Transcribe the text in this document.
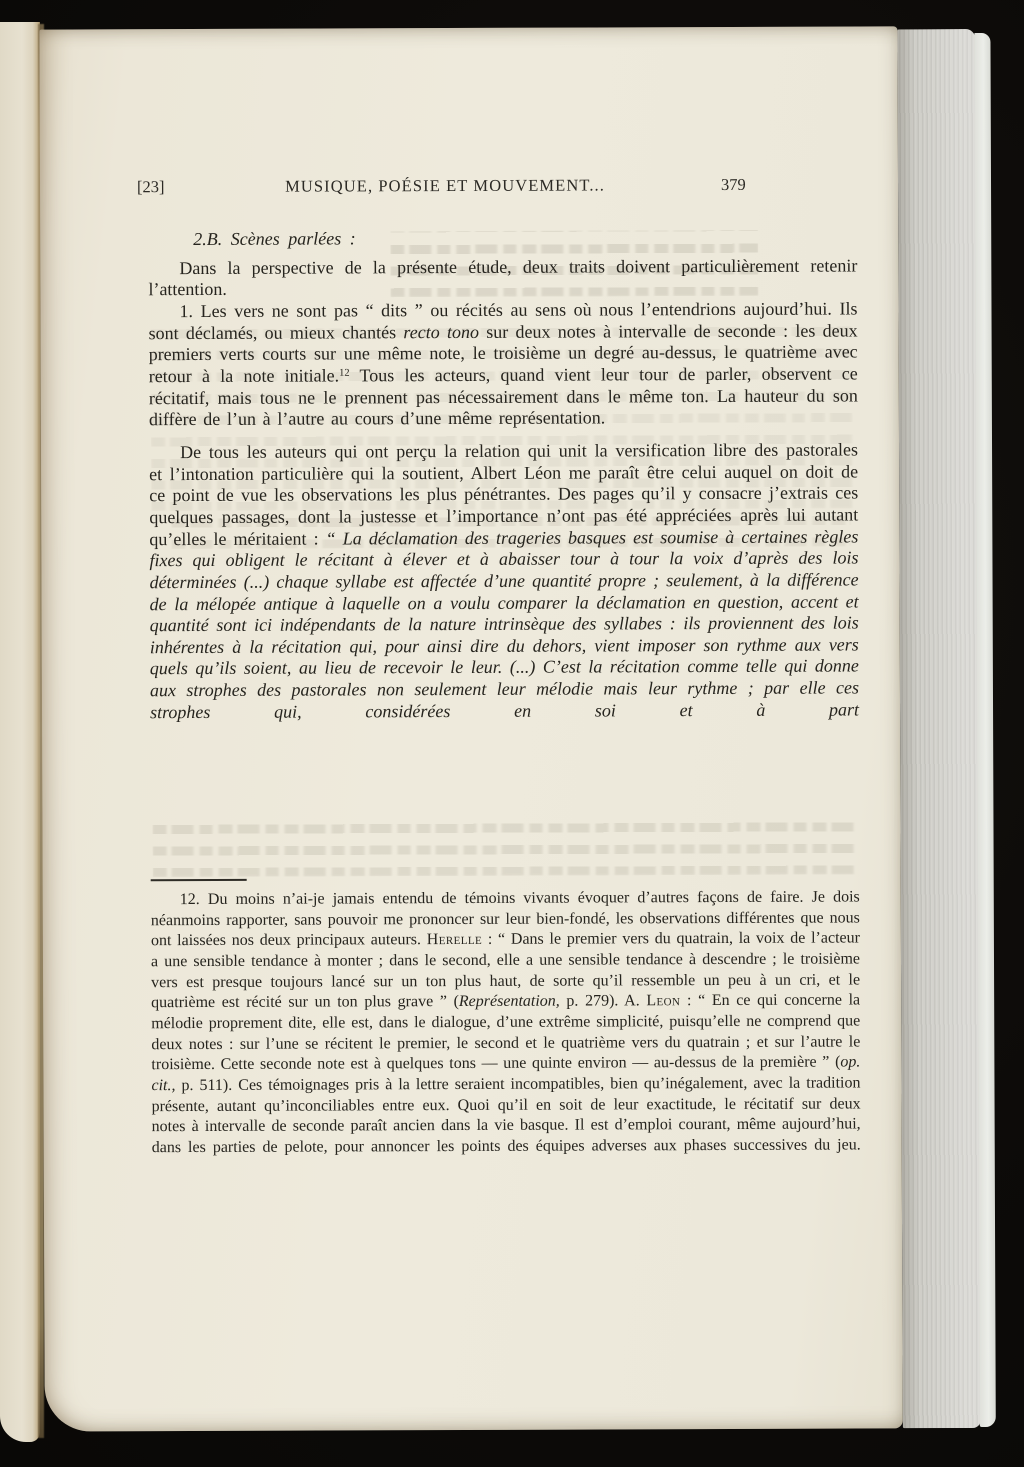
[23]	MUSIQUE, POÉSIE ET MOUVEMENT...	379

2.B. Scènes parlées :

Dans la perspective de la présente étude, deux traits doivent particulièrement retenir l’attention.

1. Les vers ne sont pas “ dits ” ou récités au sens où nous l’entendrions aujourd’hui. Ils sont déclamés, ou mieux chantés recto tono sur deux notes à intervalle de seconde : les deux premiers verts courts sur une même note, le troisième un degré au-dessus, le quatrième avec retour à la note initiale.$^{12}$ Tous les acteurs, quand vient leur tour de parler, observent ce récitatif, mais tous ne le prennent pas nécessairement dans le même ton. La hauteur du son diffère de l’un à l’autre au cours d’une même représentation.

De tous les auteurs qui ont perçu la relation qui unit la versification libre des pastorales et l’intonation particulière qui la soutient, Albert Léon me paraît être celui auquel on doit de ce point de vue les observations les plus pénétrantes. Des pages qu’il y consacre j’extrais ces quelques passages, dont la justesse et l’importance n’ont pas été appréciées après lui autant qu’elles le méritaient : “ La déclamation des trageries basques est soumise à certaines règles fixes qui obligent le récitant à élever et à abaisser tour à tour la voix d’après des lois déterminées (...) chaque syllabe est affectée d’une quantité propre ; seulement, à la différence de la mélopée antique à laquelle on a voulu comparer la déclamation en question, accent et quantité sont ici indépendants de la nature intrinsèque des syllabes : ils proviennent des lois inhérentes à la récitation qui, pour ainsi dire du dehors, vient imposer son rythme aux vers quels qu’ils soient, au lieu de recevoir le leur. (...) C’est la récitation comme telle qui donne aux strophes des pastorales non seulement leur mélodie mais leur rythme ; par elle ces strophes qui, considérées en soi et à part

12. Du moins n’ai-je jamais entendu de témoins vivants évoquer d’autres façons de faire. Je dois néanmoins rapporter, sans pouvoir me prononcer sur leur bien-fondé, les observations différentes que nous ont laissées nos deux principaux auteurs. Herelle : “ Dans le premier vers du quatrain, la voix de l’acteur a une sensible tendance à monter ; dans le second, elle a une sensible tendance à descendre ; le troisième vers est presque toujours lancé sur un ton plus haut, de sorte qu’il ressemble un peu à un cri, et le quatrième est récité sur un ton plus grave ” (Représentation, p. 279). A. Leon : “ En ce qui concerne la mélodie proprement dite, elle est, dans le dialogue, d’une extrême simplicité, puisqu’elle ne comprend que deux notes : sur l’une se récitent le premier, le second et le quatrième vers du quatrain ; et sur l’autre le troisième. Cette seconde note est à quelques tons — une quinte environ — au-dessus de la première ” (op. cit., p. 511). Ces témoignages pris à la lettre seraient incompatibles, bien qu’inégalement, avec la tradition présente, autant qu’inconciliables entre eux. Quoi qu’il en soit de leur exactitude, le récitatif sur deux notes à intervalle de seconde paraît ancien dans la vie basque. Il est d’emploi courant, même aujourd’hui, dans les parties de pelote, pour annoncer les points des équipes adverses aux phases successives du jeu.
